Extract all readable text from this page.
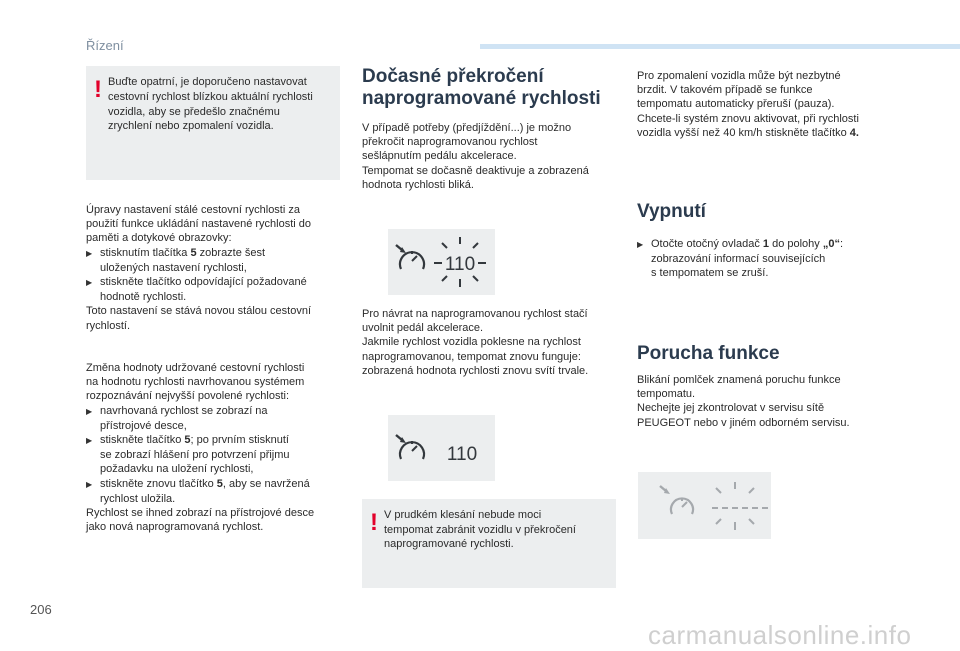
Řízení
! Buďte opatrní, je doporučeno nastavovat

cestovní rychlost blízkou aktuální rychlosti

vozidla, aby se předešlo značnému

zrychlení nebo zpomalení vozidla.

Úpravy nastavení stálé cestovní rychlosti za

použití funkce ukládání nastavené rychlosti do

paměti a dotykové obrazovky:

▶ stisknutím tlačítka 5 zobrazte šest

uložených nastavení rychlosti,

▶ stiskněte tlačítko odpovídající požadované

hodnotě rychlosti.

Toto nastavení se stává novou stálou cestovní

rychlostí.

Změna hodnoty udržované cestovní rychlosti

na hodnotu rychlosti navrhovanou systémem

rozpoznávání nejvyšší povolené rychlosti:

▶ navrhovaná rychlost se zobrazí na

přístrojové desce,

▶ stiskněte tlačítko 5; po prvním stisknutí

se zobrazí hlášení pro potvrzení přijmu

požadavku na uložení rychlosti,

▶ stiskněte znovu tlačítko 5, aby se navržená

rychlost uložila.

Rychlost se ihned zobrazí na přístrojové desce

jako nová naprogramovaná rychlost.

Dočasné překročení
naprogramované rychlosti

V případě potřeby (předjíždění...) je možno

překročit naprogramovanou rychlost

sešlápnutím pedálu akcelerace.

Tempomat se dočasně deaktivuje a zobrazená

hodnota rychlosti bliká.

110

Pro návrat na naprogramovanou rychlost stačí

uvolnit pedál akcelerace.

Jakmile rychlost vozidla poklesne na rychlost

naprogramovanou, tempomat znovu funguje:

zobrazená hodnota rychlosti znovu svítí trvale.

110
! V prudkém klesání nebude moci

tempomat zabránit vozidlu v překročení

naprogramované rychlosti.

Pro zpomalení vozidla může být nezbytné

brzdit. V takovém případě se funkce

tempomatu automaticky přeruší (pauza).

Chcete-li systém znovu aktivovat, při rychlosti

vozidla vyšší než 40 km/h stiskněte tlačítko 4.

Vypnutí

▶ Otočte otočný ovladač 1 do polohy „0“:

zobrazování informací souvisejících

s tempomatem se zruší.

Porucha funkce

Blikání pomlček znamená poruchu funkce

tempomatu.

Nechejte jej zkontrolovat v servisu sítě

PEUGEOT nebo v jiném odborném servisu.

206
carmanualsonline.info
